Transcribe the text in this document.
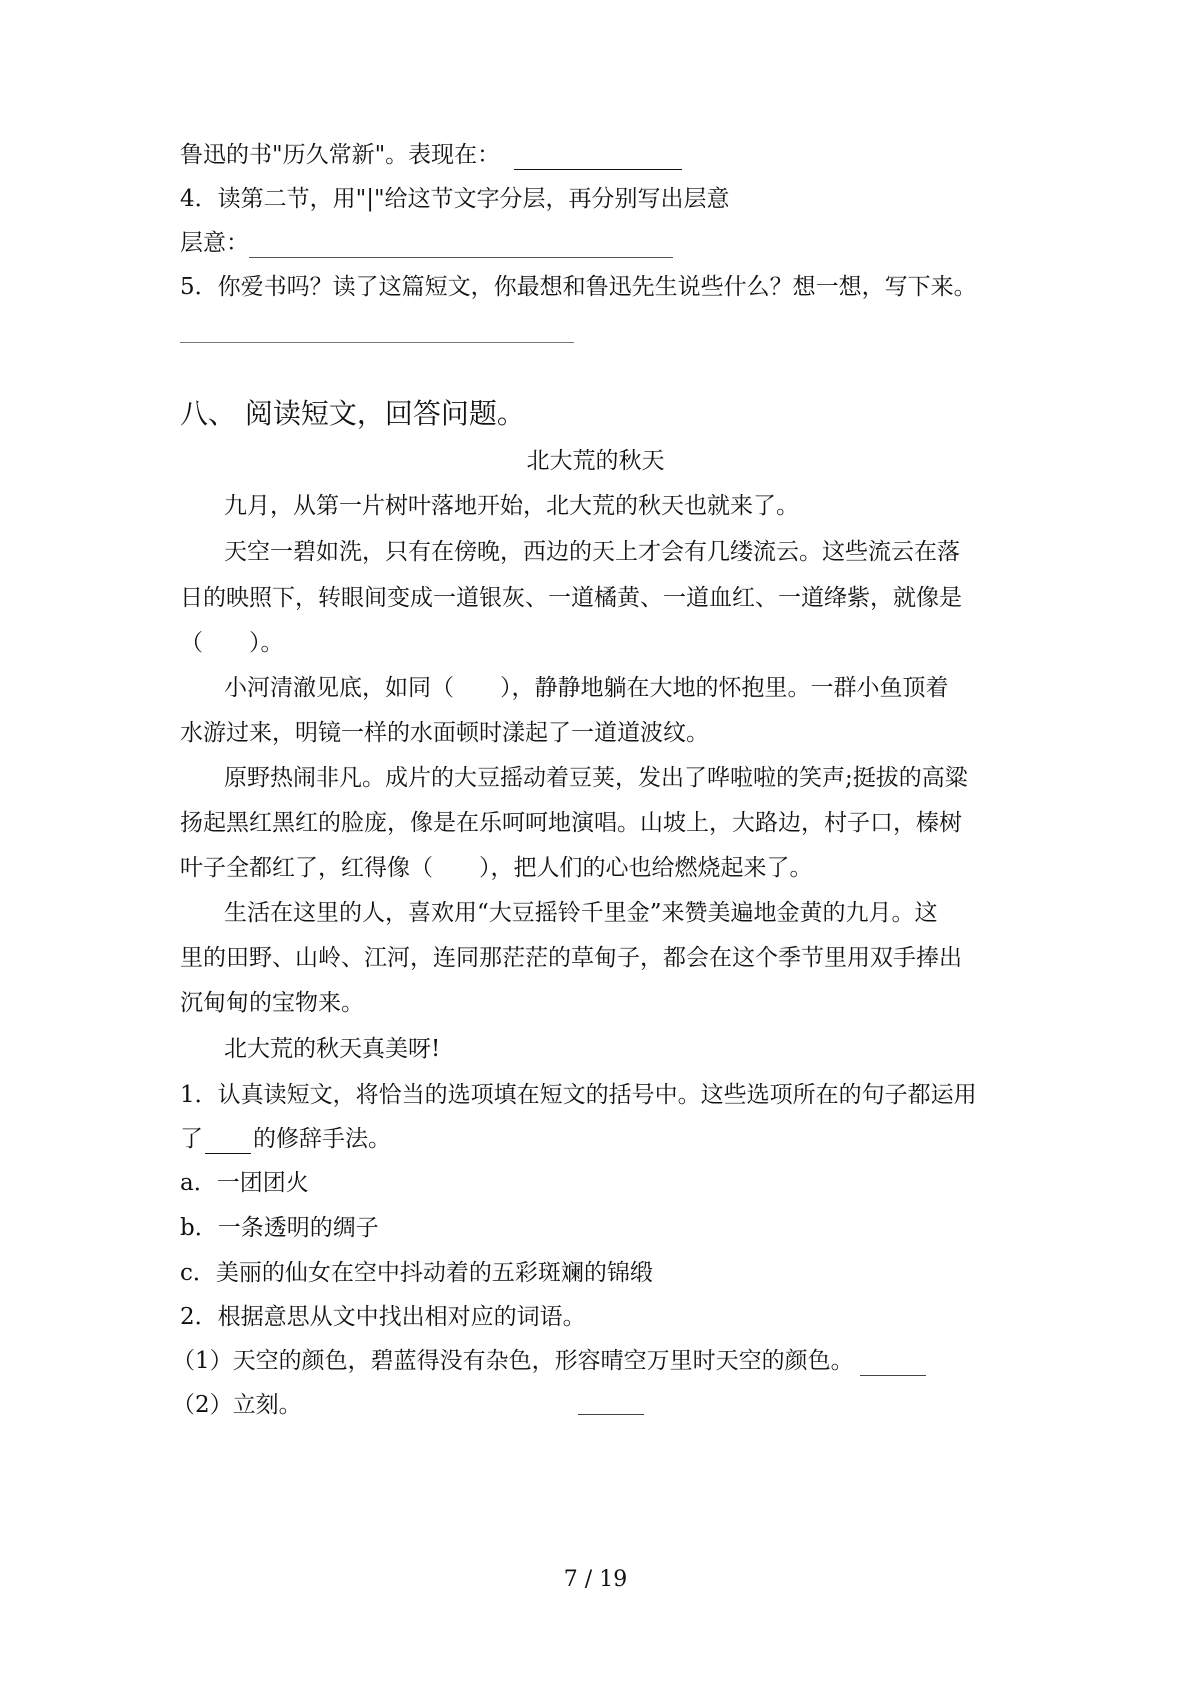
鲁迅的书"历久常新"。表现在：
4．读第二节，用"|"给这节文字分层，再分别写出层意
层意：
5．你爱书吗？读了这篇短文，你最想和鲁迅先生说些什么？想一想，写下来。
八、 阅读短文，回答问题。
北大荒的秋天
九月，从第一片树叶落地开始，北大荒的秋天也就来了。
天空一碧如洗，只有在傍晚，西边的天上才会有几缕流云。这些流云在落
日的映照下，转眼间变成一道银灰、一道橘黄、一道血红、一道绛紫，就像是
（　　）。
小河清澈见底，如同（　　），静静地躺在大地的怀抱里。一群小鱼顶着
水游过来，明镜一样的水面顿时漾起了一道道波纹。
原野热闹非凡。成片的大豆摇动着豆荚，发出了哗啦啦的笑声;挺拔的高粱
扬起黑红黑红的脸庞，像是在乐呵呵地演唱。山坡上，大路边，村子口，榛树
叶子全都红了，红得像（　　），把人们的心也给燃烧起来了。
生活在这里的人，喜欢用“大豆摇铃千里金”来赞美遍地金黄的九月。这
里的田野、山岭、江河，连同那茫茫的草甸子，都会在这个季节里用双手捧出
沉甸甸的宝物来。
北大荒的秋天真美呀!
1．认真读短文，将恰当的选项填在短文的括号中。这些选项所在的句子都运用
了 的修辞手法。
a．一团团火
b．一条透明的绸子
c．美丽的仙女在空中抖动着的五彩斑斓的锦缎
2．根据意思从文中找出相对应的词语。
（1）天空的颜色，碧蓝得没有杂色，形容晴空万里时天空的颜色。
（2）立刻。
7 / 19
